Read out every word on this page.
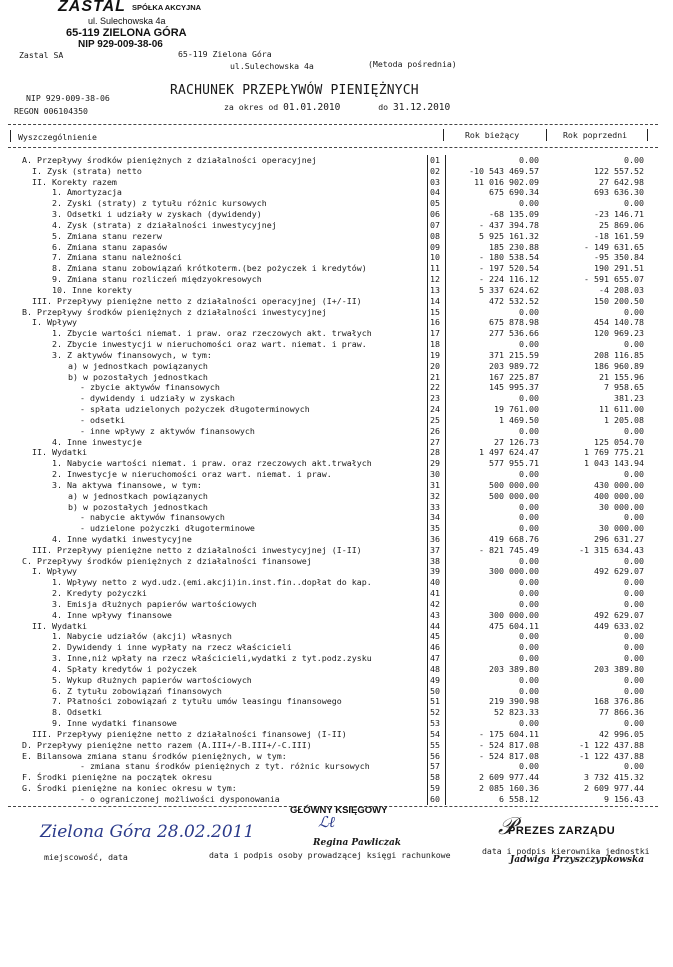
ZASTAL SPÓŁKA AKCYJNA
ul. Sulechowska 4a
65-119 ZIELONA GÓRA
NIP 929-009-38-06
Zastal SA	65-119 Zielona Góra
ul.Sulechowska 4a	(Metoda pośrednia)
NIP 929-009-38-06
REGON 006104350
RACHUNEK PRZEPŁYWÓW PIENIĘŻNYCH
za okres od 01.01.2010	do 31.12.2010
Wyszczególnienie	Rok bieżący	Rok poprzedni
A. Przepływy środków pieniężnych z działalności operacyjnej	01	0.00	0.00
I. Zysk (strata) netto	02	-10 543 469.57	122 557.52
II. Korekty razem	03	11 016 902.09	27 642.98
1. Amortyzacja	04	675 690.34	693 636.30
2. Zyski (straty) z tytułu różnic kursowych	05	0.00	0.00
3. Odsetki i udziały w zyskach (dywidendy)	06	-68 135.09	-23 146.71
4. Zysk (strata) z działalności inwestycyjnej	07	- 437 394.78	25 869.06
5. Zmiana stanu rezerw	08	5 925 161.32	-18 161.59
6. Zmiana stanu zapasów	09	185 230.88	- 149 631.65
7. Zmiana stanu należności	10	- 180 538.54	-95 350.84
8. Zmiana stanu zobowiązań krótkoterm.(bez pożyczek i kredytów)	11	- 197 520.54	190 291.51
9. Zmiana stanu rozliczeń międzyokresowych	12	- 224 116.12	- 591 655.07
10. Inne korekty	13	5 337 624.62	-4 208.03
III. Przepływy pieniężne netto z działalności operacyjnej (I+/-II)	14	472 532.52	150 200.50
B. Przepływy środków pieniężnych z działalności inwestycyjnej	15	0.00	0.00
I. Wpływy	16	675 878.98	454 140.78
1. Zbycie wartości niemat. i praw. oraz rzeczowych akt. trwałych	17	277 536.66	120 969.23
2. Zbycie inwestycji w nieruchomości oraz wart. niemat. i praw.	18	0.00	0.00
3. Z aktywów finansowych, w tym:	19	371 215.59	208 116.85
a) w jednostkach powiązanych	20	203 989.72	186 960.89
b) w pozostałych jednostkach	21	167 225.87	21 155.96
- zbycie aktywów finansowych	22	145 995.37	7 958.65
- dywidendy i udziały w zyskach	23	0.00	381.23
- spłata udzielonych pożyczek długoterminowych	24	19 761.00	11 611.00
- odsetki	25	1 469.50	1 205.08
- inne wpływy z aktywów finansowych	26	0.00	0.00
4. Inne inwestycje	27	27 126.73	125 054.70
II. Wydatki	28	1 497 624.47	1 769 775.21
1. Nabycie wartości niemat. i praw. oraz rzeczowych akt.trwałych	29	577 955.71	1 043 143.94
2. Inwestycje w nieruchomości oraz wart. niemat. i praw.	30	0.00	0.00
3. Na aktywa finansowe, w tym:	31	500 000.00	430 000.00
a) w jednostkach powiązanych	32	500 000.00	400 000.00
b) w pozostałych jednostkach	33	0.00	30 000.00
- nabycie aktywów finansowych	34	0.00	0.00
- udzielone pożyczki długoterminowe	35	0.00	30 000.00
4. Inne wydatki inwestycyjne	36	419 668.76	296 631.27
III. Przepływy pieniężne netto z działalności inwestycyjnej (I-II)	37	- 821 745.49	-1 315 634.43
C. Przepływy środków pieniężnych z działalności finansowej	38	0.00	0.00
I. Wpływy	39	300 000.00	492 629.07
1. Wpływy netto z wyd.udz.(emi.akcji)in.inst.fin..dopłat do kap.	40	0.00	0.00
2. Kredyty pożyczki	41	0.00	0.00
3. Emisja dłużnych papierów wartościowych	42	0.00	0.00
4. Inne wpływy finansowe	43	300 000.00	492 629.07
II. Wydatki	44	475 604.11	449 633.02
1. Nabycie udziałów (akcji) własnych	45	0.00	0.00
2. Dywidendy i inne wypłaty na rzecz właścicieli	46	0.00	0.00
3. Inne,niż wpłaty na rzecz właścicieli,wydatki z tyt.podz.zysku	47	0.00	0.00
4. Spłaty kredytów i pożyczek	48	203 389.80	203 389.80
5. Wykup dłużnych papierów wartościowych	49	0.00	0.00
6. Z tytułu zobowiązań finansowych	50	0.00	0.00
7. Płatności zobowiązań z tytułu umów leasingu finansowego	51	219 390.98	168 376.86
8. Odsetki	52	52 823.33	77 866.36
9. Inne wydatki finansowe	53	0.00	0.00
III. Przepływy pieniężne netto z działalności finansowej (I-II)	54	- 175 604.11	42 996.05
D. Przepływy pieniężne netto razem (A.III+/-B.III+/-C.III)	55	- 524 817.08	-1 122 437.88
E. Bilansowa zmiana stanu środków pieniężnych, w tym:	56	- 524 817.08	-1 122 437.88
- zmiana stanu środków pieniężnych z tyt. różnic kursowych	57	0.00	0.00
F. Środki pieniężne na początek okresu	58	2 609 977.44	3 732 415.32
G. Środki pieniężne na koniec okresu w tym:	59	2 085 160.36	2 609 977.44
- o ograniczonej możliwości dysponowania	60	6 558.12	9 156.43
GŁÓWNY KSIĘGOWY
ℒℓ
Regina Pawliczak
Zielona Góra 28.02.2011
miejscowość, data	data i podpis osoby prowadzącej księgi rachunkowe
PREZES ZARZĄDU
𝒫
data i podpis kierownika jednostki
Jadwiga Przyszczypkowska
